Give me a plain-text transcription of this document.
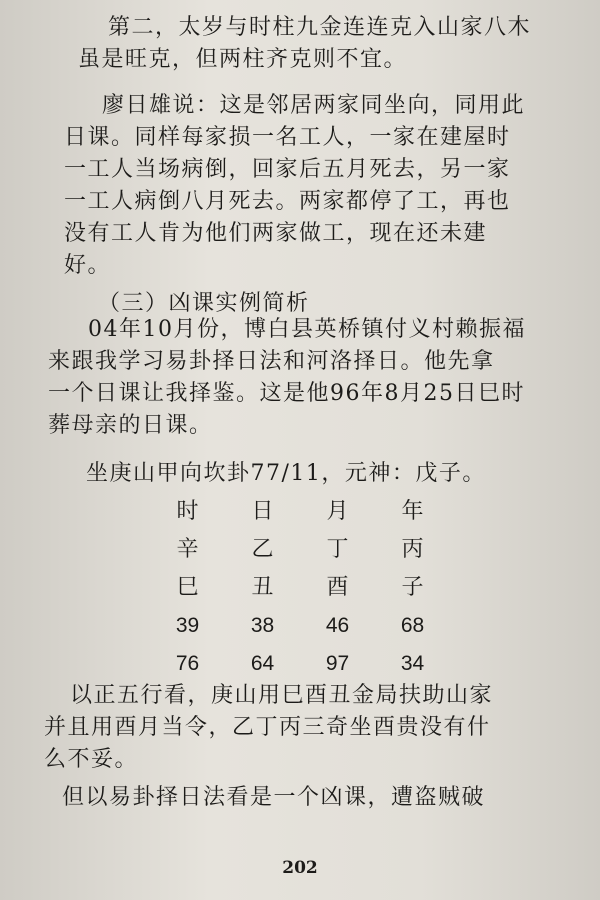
第二，太岁与时柱九金连连克入山家八木
虽是旺克，但两柱齐克则不宜。
廖日雄说：这是邻居两家同坐向，同用此
日课。同样每家损一名工人，一家在建屋时
一工人当场病倒，回家后五月死去，另一家
一工人病倒八月死去。两家都停了工，再也
没有工人肯为他们两家做工，现在还未建
好。
（三）凶课实例简析
04年10月份，博白县英桥镇付义村赖振福
来跟我学习易卦择日法和河洛择日。他先拿
一个日课让我择鉴。这是他96年8月25日巳时
葬母亲的日课。
坐庚山甲向坎卦77/11，元神：戊子。
时	日	月	年
辛	乙	丁	丙
巳	丑	酉	子
39	38	46	68
76	64	97	34
以正五行看，庚山用巳酉丑金局扶助山家
并且用酉月当令，乙丁丙三奇坐酉贵没有什
么不妥。
但以易卦择日法看是一个凶课，遭盗贼破
202
